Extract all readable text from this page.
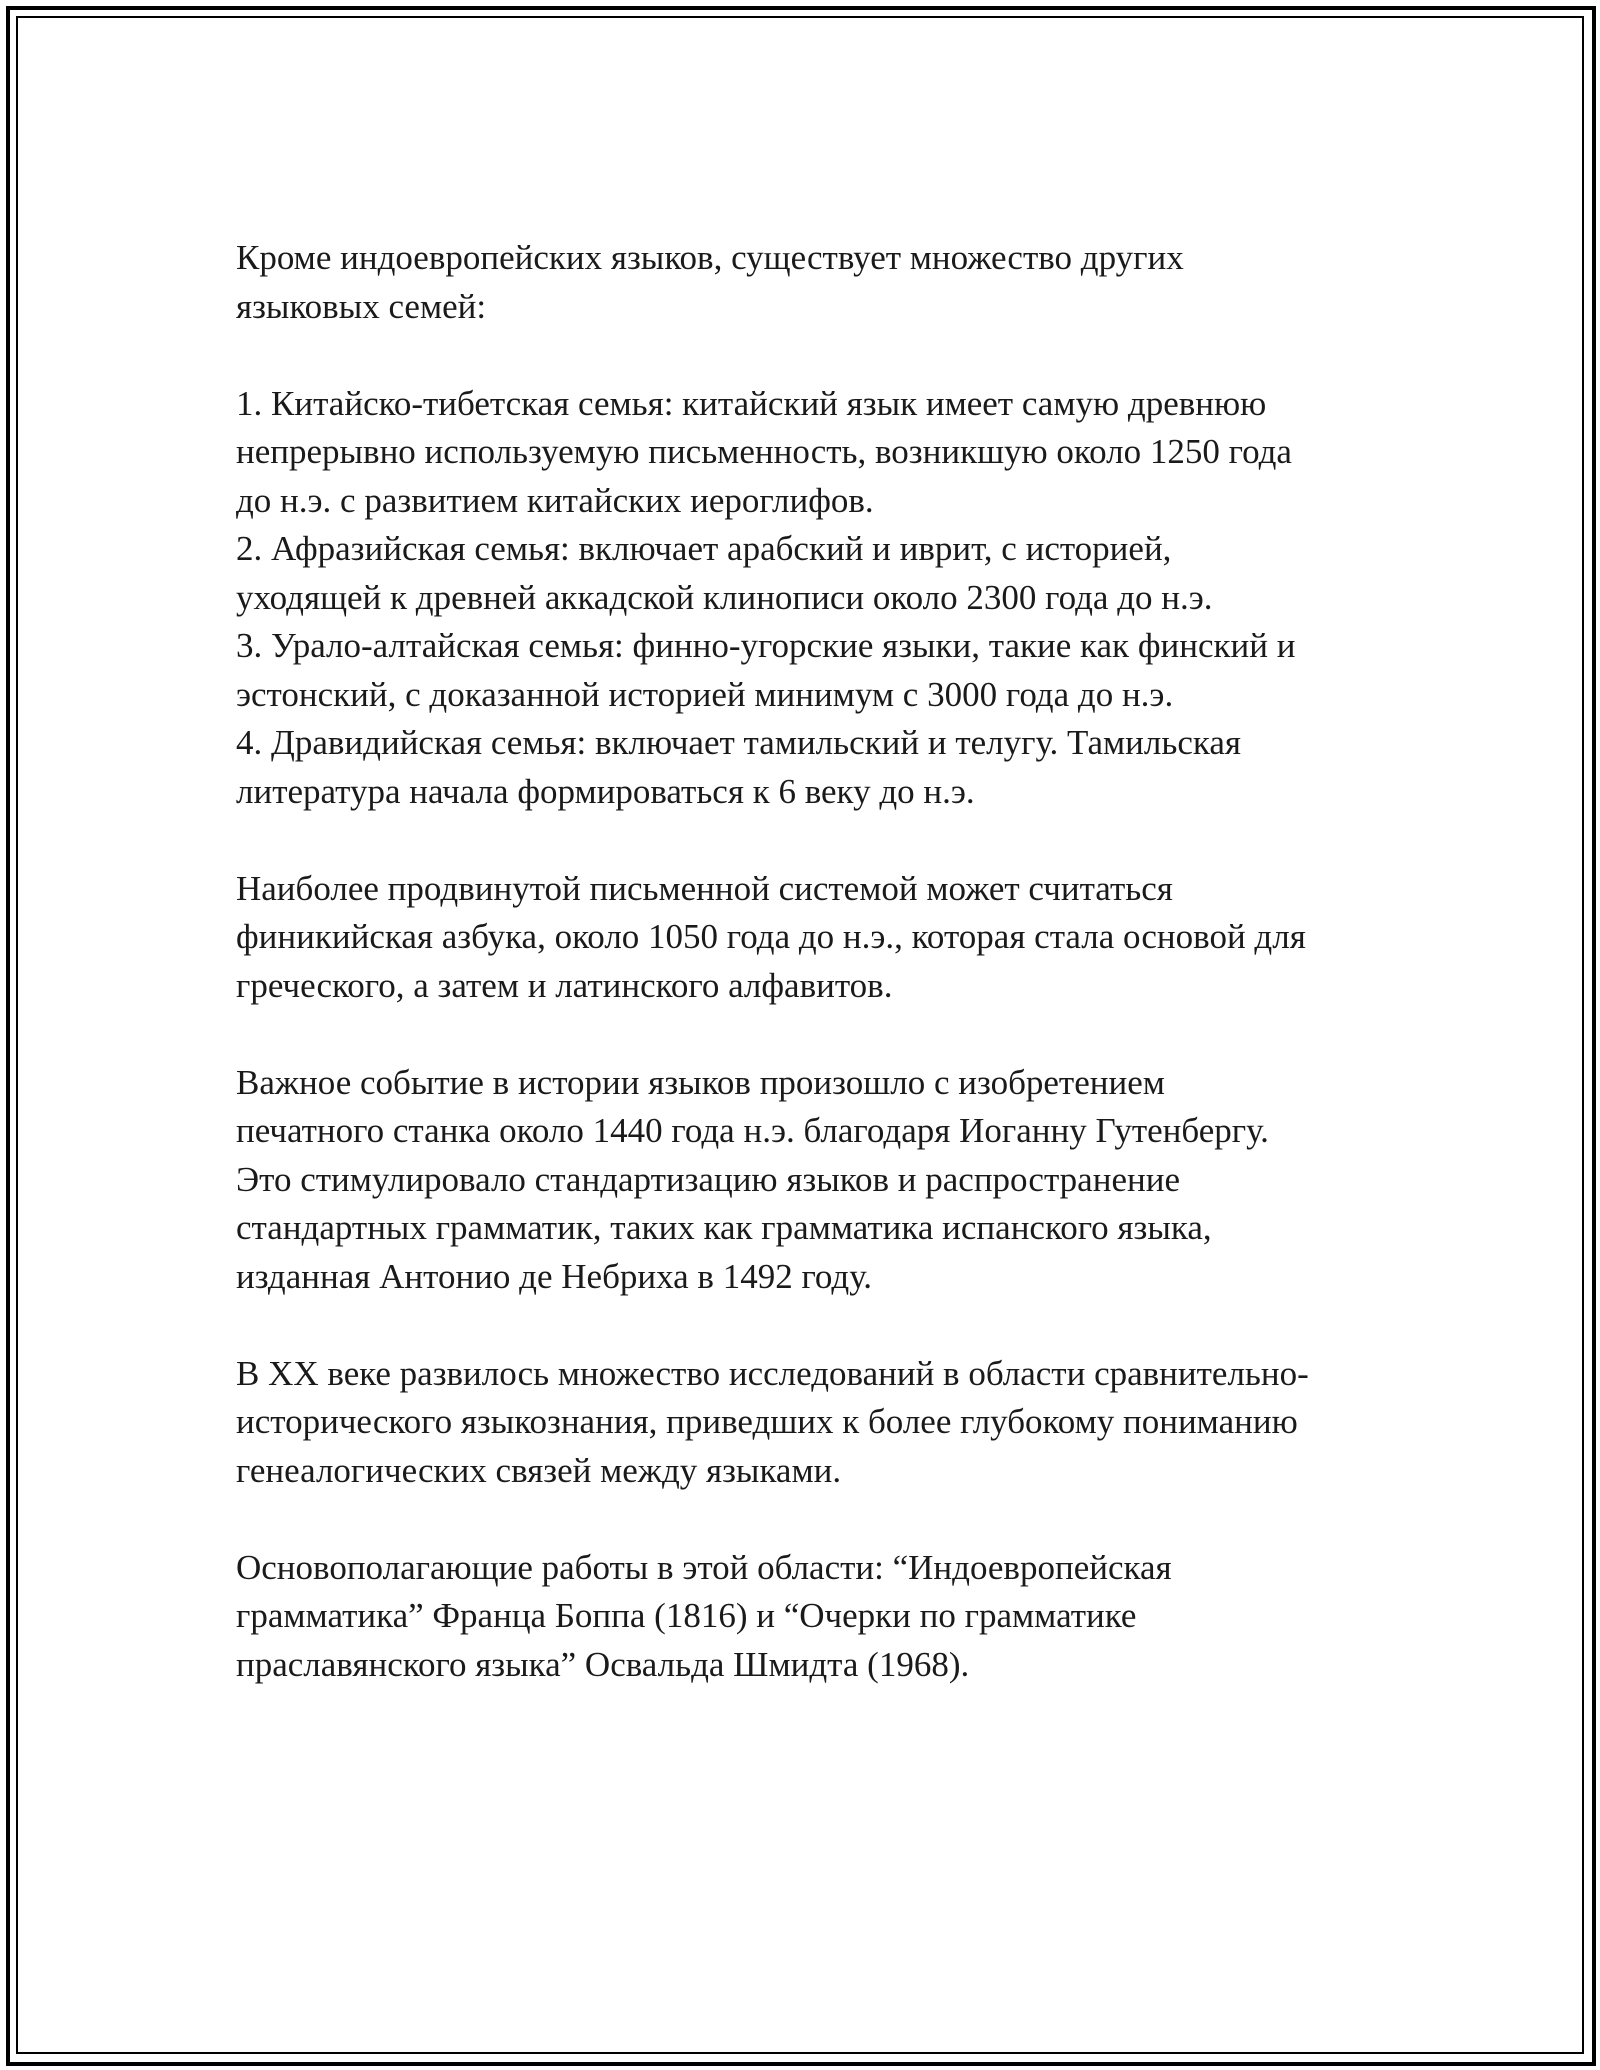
Кроме индоевропейских языков, существует множество других
языковых семей:

1. Китайско-тибетская семья: китайский язык имеет самую древнюю
непрерывно используемую письменность, возникшую около 1250 года
до н.э. с развитием китайских иероглифов.

2. Афразийская семья: включает арабский и иврит, с историей,
уходящей к древней аккадской клинописи около 2300 года до н.э.

3. Урало-алтайская семья: финно-угорские языки, такие как финский и
эстонский, с доказанной историей минимум с 3000 года до н.э.

4. Дравидийская семья: включает тамильский и телугу. Тамильская
литература начала формироваться к 6 веку до н.э.

Наиболее продвинутой письменной системой может считаться
финикийская азбука, около 1050 года до н.э., которая стала основой для
греческого, а затем и латинского алфавитов.

Важное событие в истории языков произошло с изобретением
печатного станка около 1440 года н.э. благодаря Иоганну Гутенбергу.
Это стимулировало стандартизацию языков и распространение
стандартных грамматик, таких как грамматика испанского языка,
изданная Антонио де Небриха в 1492 году.

В XX веке развилось множество исследований в области сравнительно-
исторического языкознания, приведших к более глубокому пониманию
генеалогических связей между языками.

Основополагающие работы в этой области: “Индоевропейская
грамматика” Франца Боппа (1816) и “Очерки по грамматике
праславянского языка” Освальда Шмидта (1968).
